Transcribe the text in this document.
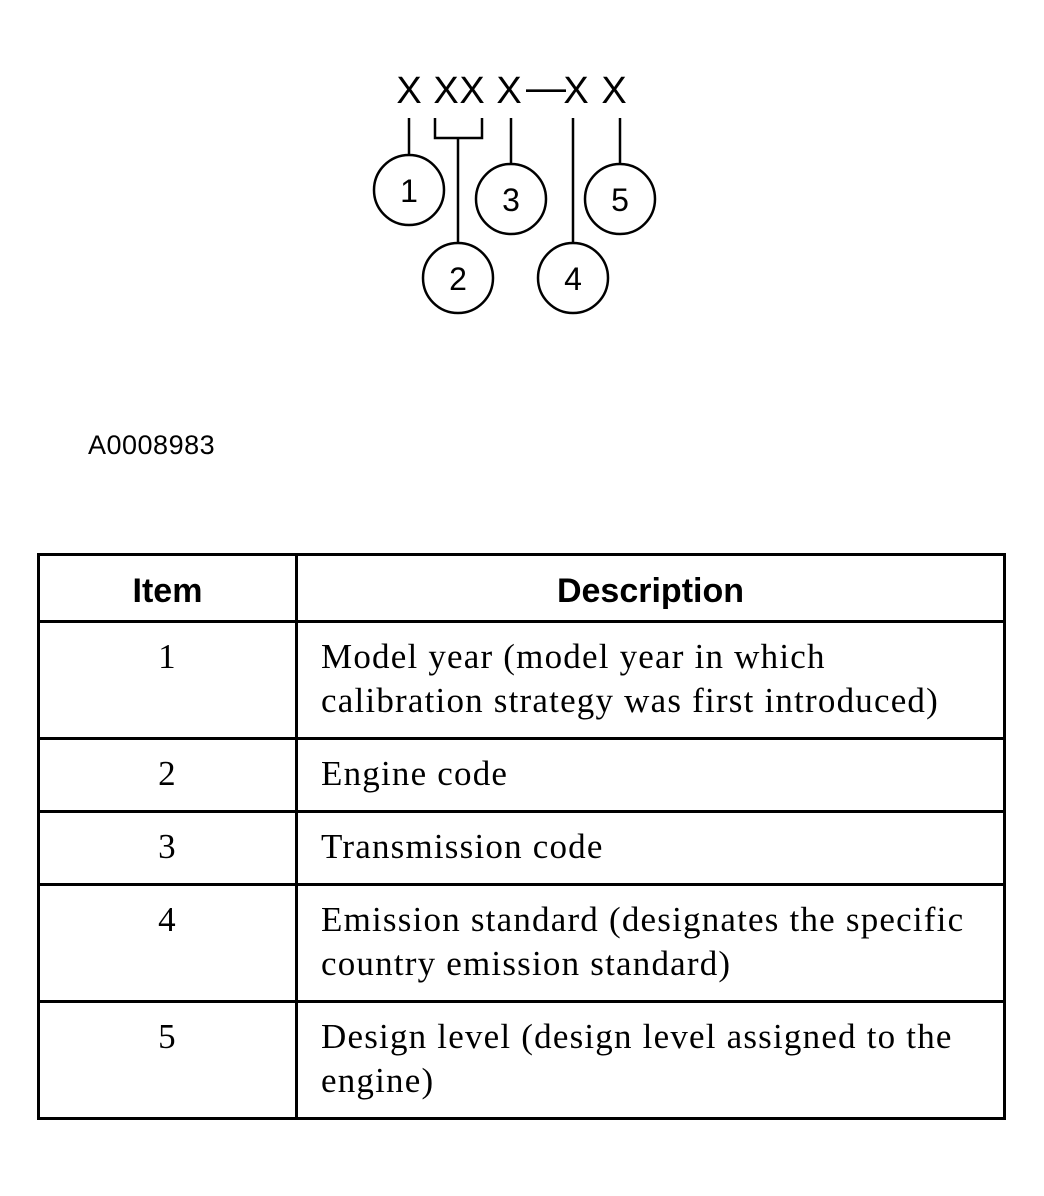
X X X X —
X X
1
2
3
4
5
A0008983
Item	Description
1	Model year (model year in which calibration strategy was first introduced)
2	Engine code
3	Transmission code
4	Emission standard (designates the specific country emission standard)
5	Design level (design level assigned to the engine)
